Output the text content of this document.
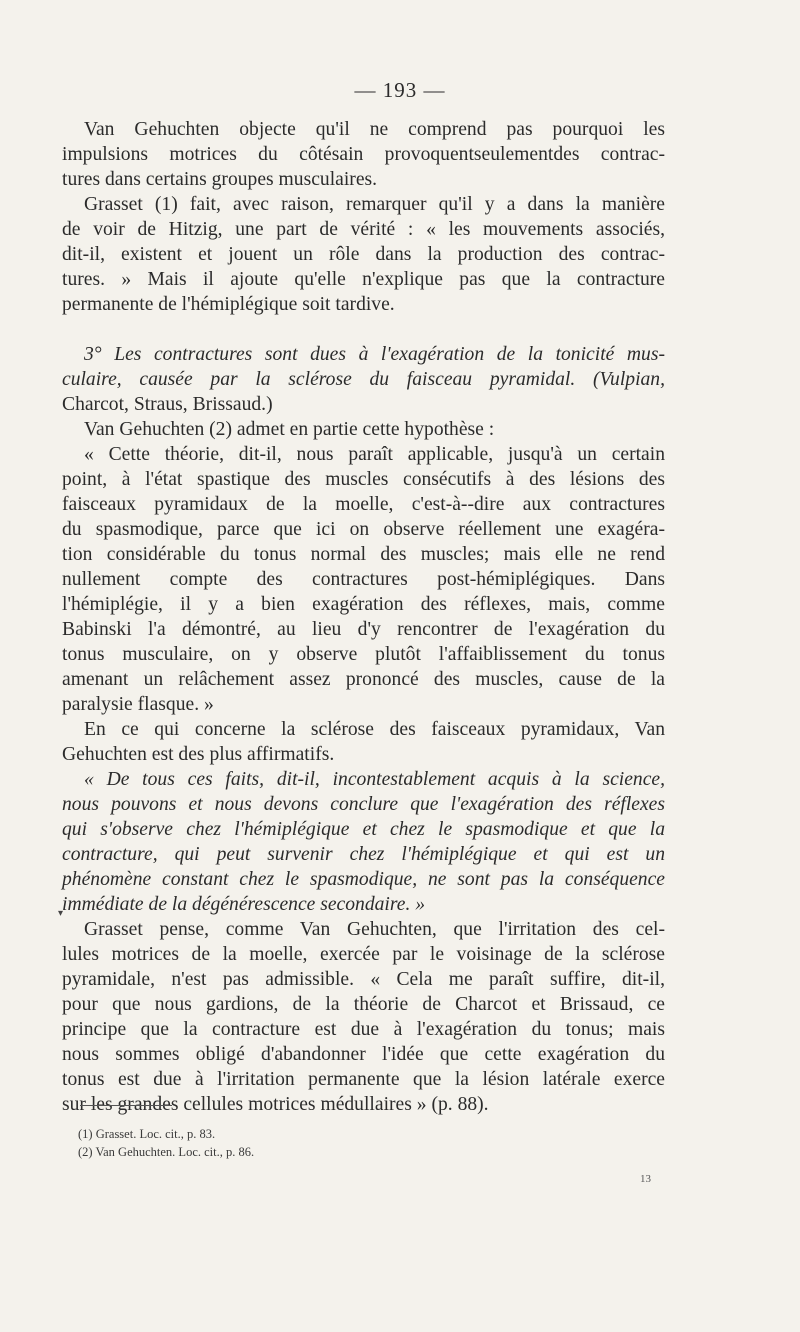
— 193 —
Van Gehuchten objecte qu'il ne comprend pas pourquoi les
impulsions motrices du côtésain provoquentseulementdes contrac-
tures dans certains groupes musculaires.
Grasset (1) fait, avec raison, remarquer qu'il y a dans la manière
de voir de Hitzig, une part de vérité : « les mouvements associés,
dit-il, existent et jouent un rôle dans la production des contrac-
tures. » Mais il ajoute qu'elle n'explique pas que la contracture
permanente de l'hémiplégique soit tardive.
3° Les contractures sont dues à l'exagération de la tonicité mus-
culaire, causée par la sclérose du faisceau pyramidal. (Vulpian,
Charcot, Straus, Brissaud.)
Van Gehuchten (2) admet en partie cette hypothèse :
« Cette théorie, dit-il, nous paraît applicable, jusqu'à un certain
point, à l'état spastique des muscles consécutifs à des lésions des
faisceaux pyramidaux de la moelle, c'est-à--dire aux contractures
du spasmodique, parce que ici on observe réellement une exagéra-
tion considérable du tonus normal des muscles; mais elle ne rend
nullement compte des contractures post-hémiplégiques. Dans
l'hémiplégie, il y a bien exagération des réflexes, mais, comme
Babinski l'a démontré, au lieu d'y rencontrer de l'exagération du
tonus musculaire, on y observe plutôt l'affaiblissement du tonus
amenant un relâchement assez prononcé des muscles, cause de la
paralysie flasque. »
En ce qui concerne la sclérose des faisceaux pyramidaux, Van
Gehuchten est des plus affirmatifs.
« De tous ces faits, dit-il, incontestablement acquis à la science,
nous pouvons et nous devons conclure que l'exagération des réflexes
qui s'observe chez l'hémiplégique et chez le spasmodique et que la
contracture, qui peut survenir chez l'hémiplégique et qui est un
phénomène constant chez le spasmodique, ne sont pas la conséquence
immédiate de la dégénérescence secondaire. »
▾
Grasset pense, comme Van Gehuchten, que l'irritation des cel-
lules motrices de la moelle, exercée par le voisinage de la sclérose
pyramidale, n'est pas admissible. « Cela me paraît suffire, dit-il,
pour que nous gardions, de la théorie de Charcot et Brissaud, ce
principe que la contracture est due à l'exagération du tonus; mais
nous sommes obligé d'abandonner l'idée que cette exagération du
tonus est due à l'irritation permanente que la lésion latérale exerce
sur les grandes cellules motrices médullaires » (p. 88).
(1) Grasset. Loc. cit., p. 83.
(2) Van Gehuchten. Loc. cit., p. 86.
13
